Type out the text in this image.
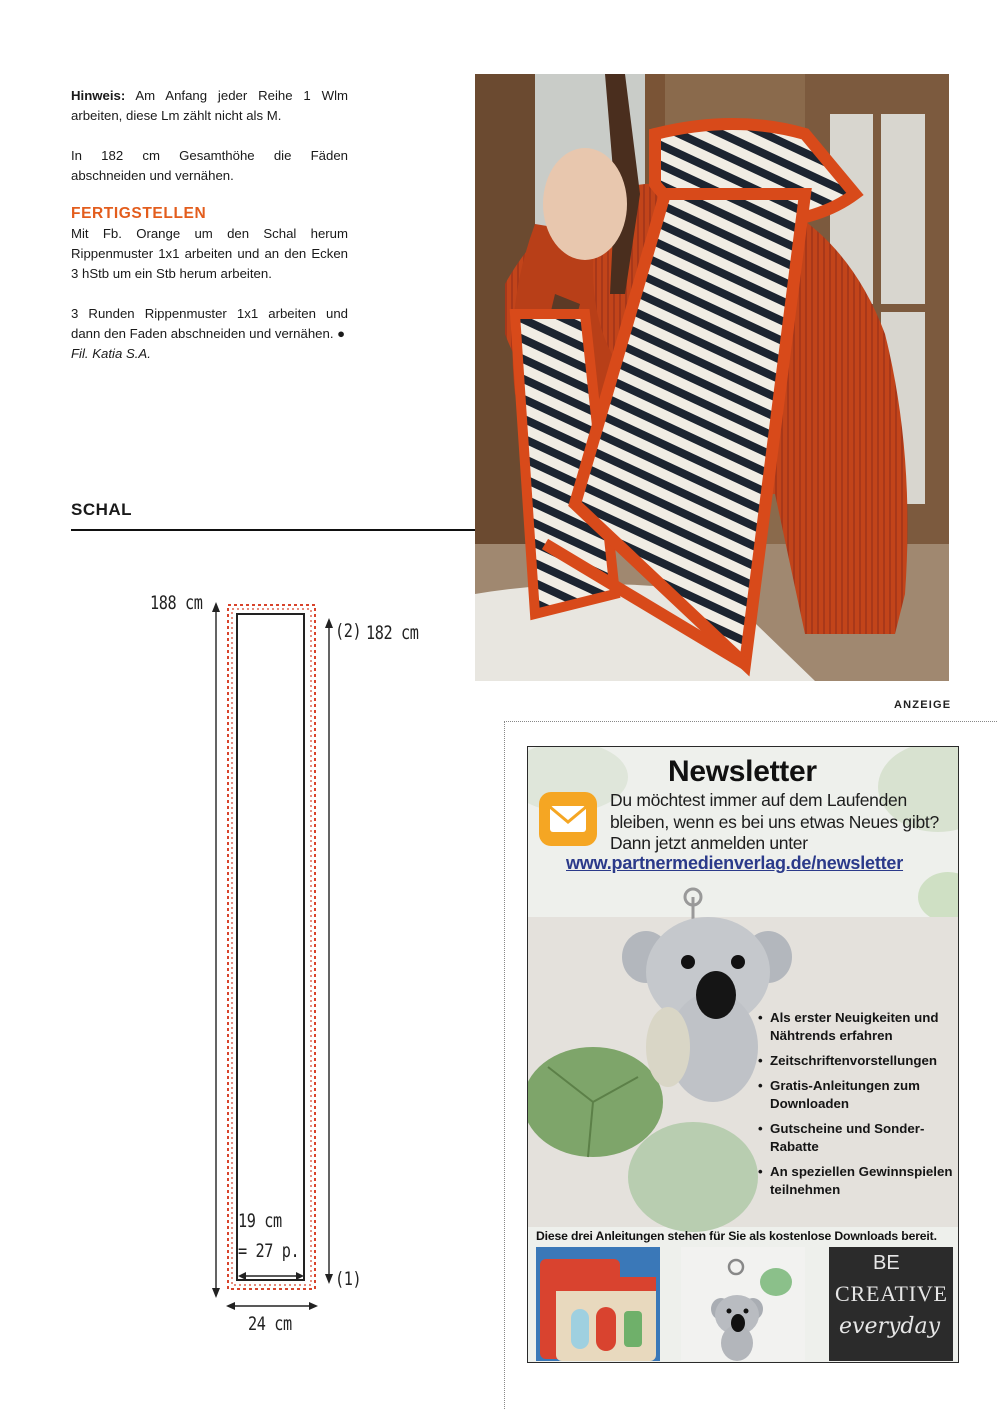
Hinweis: Am Anfang jeder Reihe 1 Wlm arbeiten, diese Lm zählt nicht als M.

In 182 cm Gesamthöhe die Fäden abschneiden und vernähen.

FERTIGSTELLEN

Mit Fb. Orange um den Schal herum Rippenmuster 1x1 arbeiten und an den Ecken 3 hStb um ein Stb herum arbeiten.

3 Runden Rippenmuster 1x1 arbeiten und dann den Faden abschneiden und vernähen. ●

Fil. Katia S.A.
SCHAL
188 cm
(2) 182 cm
19 cm
= 27 p.
(1)
24 cm
ANZEIGE
Newsletter
Du möchtest immer auf dem Laufenden bleiben, wenn es bei uns etwas Neues gibt? Dann jetzt anmelden unter
www.partnermedienverlag.de/newsletter
• Als erster Neuigkeiten und Nähtrends erfahren
• Zeitschriftenvorstellungen
• Gratis-Anleitungen zum Downloaden
• Gutscheine und Sonder-Rabatte
• An speziellen Gewinnspielen teilnehmen
Diese drei Anleitungen stehen für Sie als kostenlose Downloads bereit.
BE
CREATIVE
everyday
